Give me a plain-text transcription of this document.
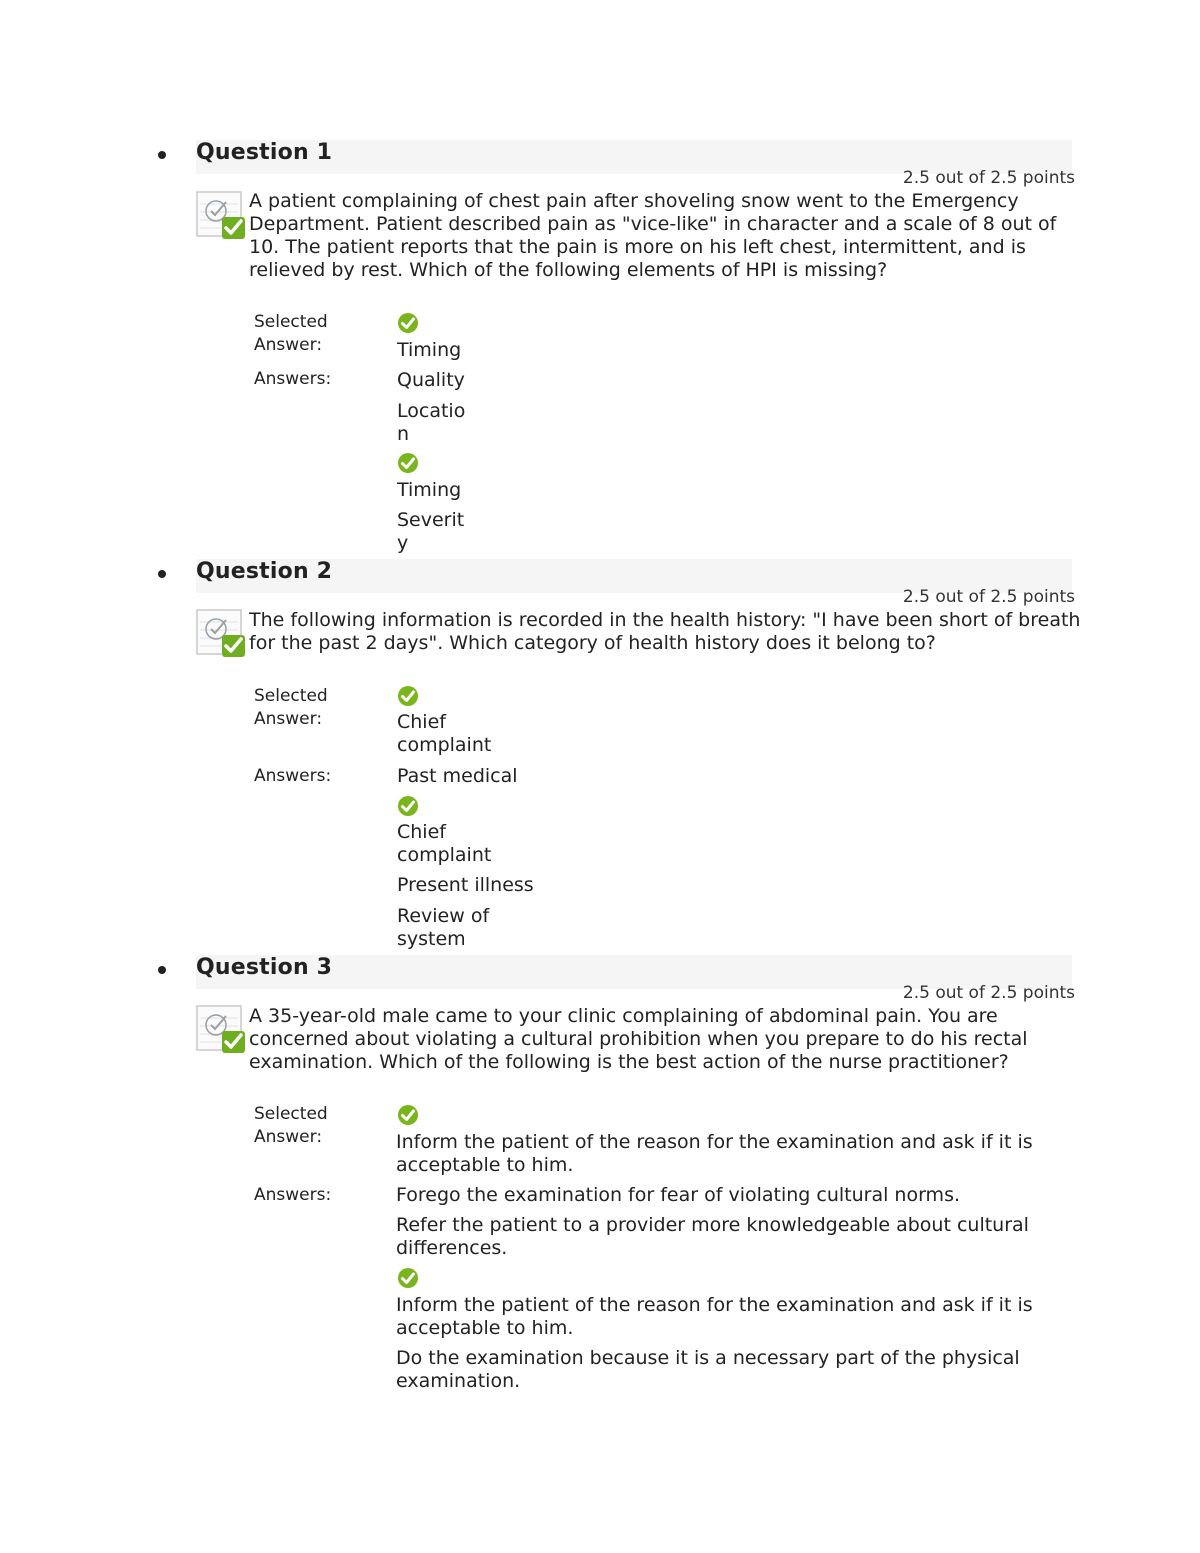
Question 1
2.5 out of 2.5 points
A patient complaining of chest pain after shoveling snow went to the Emergency Department. Patient described pain as "vice-like" in character and a scale of 8 out of 10. The patient reports that the pain is more on his left chest, intermittent, and is relieved by rest. Which of the following elements of HPI is missing?
Selected Answer:	Timing
Answers:	Quality
Location
Timing
Severity
Question 2
2.5 out of 2.5 points
The following information is recorded in the health history: "I have been short of breath for the past 2 days". Which category of health history does it belong to?
Selected Answer:	Chief complaint
Answers:	Past medical
Chief complaint
Present illness
Review of system
Question 3
2.5 out of 2.5 points
A 35-year-old male came to your clinic complaining of abdominal pain. You are concerned about violating a cultural prohibition when you prepare to do his rectal examination. Which of the following is the best action of the nurse practitioner?
Selected Answer:	Inform the patient of the reason for the examination and ask if it is acceptable to him.
Answers:	Forego the examination for fear of violating cultural norms.
Refer the patient to a provider more knowledgeable about cultural differences.
Inform the patient of the reason for the examination and ask if it is acceptable to him.
Do the examination because it is a necessary part of the physical examination.
